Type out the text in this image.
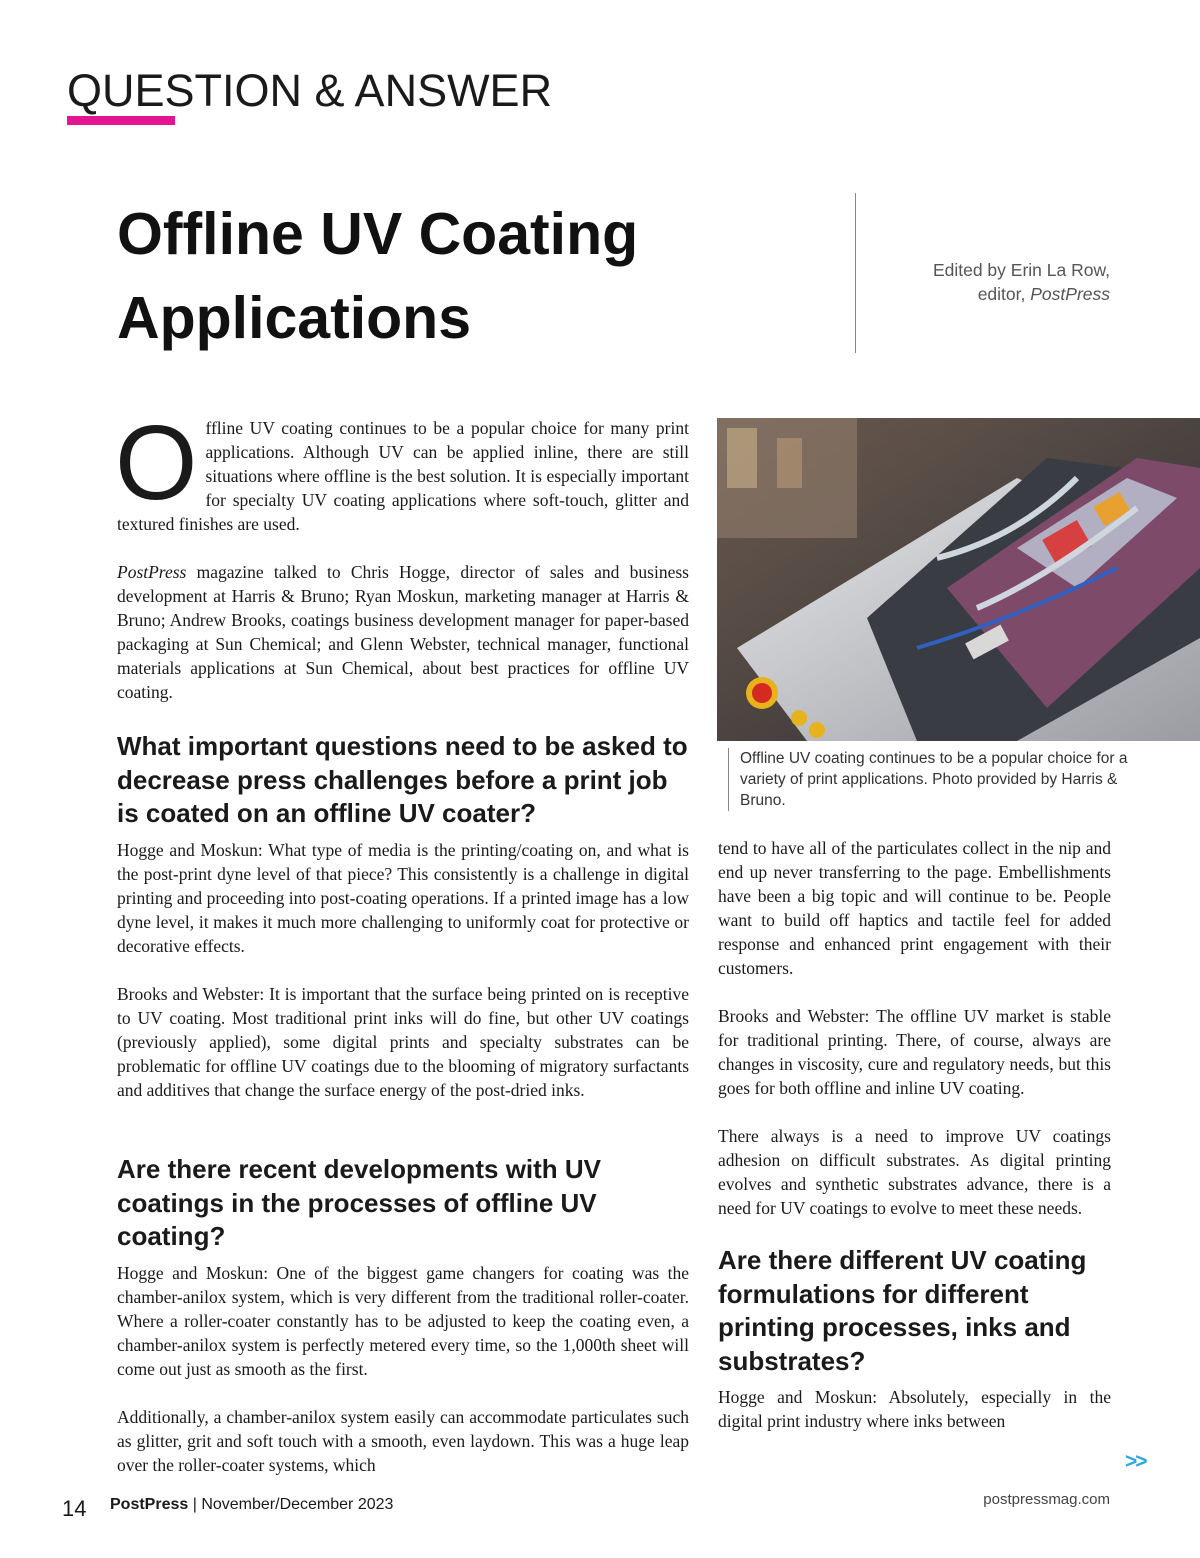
QUESTION & ANSWER
Offline UV Coating
Applications
Edited by Erin La Row,
editor, PostPress

Offline UV coating continues to be a popular choice for many print applications. Although UV can be applied inline, there are still situations where offline is the best solution. It is especially important for specialty UV coating applications where soft-touch, glitter and textured finishes are used.

PostPress magazine talked to Chris Hogge, director of sales and business development at Harris & Bruno; Ryan Moskun, marketing manager at Harris & Bruno; Andrew Brooks, coatings business development manager for paper-based packaging at Sun Chemical; and Glenn Webster, technical manager, functional materials applications at Sun Chemical, about best practices for offline UV coating.

What important questions need to be asked to decrease press challenges before a print job is coated on an offline UV coater?

Hogge and Moskun: What type of media is the printing/coating on, and what is the post-print dyne level of that piece? This consistently is a challenge in digital printing and proceeding into post-coating operations. If a printed image has a low dyne level, it makes it much more challenging to uniformly coat for protective or decorative effects.

Brooks and Webster: It is important that the surface being printed on is receptive to UV coating. Most traditional print inks will do fine, but other UV coatings (previously applied), some digital prints and specialty substrates can be problematic for offline UV coatings due to the blooming of migratory surfactants and additives that change the surface energy of the post-dried inks.

Are there recent developments with UV coatings in the processes of offline UV coating?

Hogge and Moskun: One of the biggest game changers for coating was the chamber-anilox system, which is very different from the traditional roller-coater. Where a roller-coater constantly has to be adjusted to keep the coating even, a chamber-anilox system is perfectly metered every time, so the 1,000th sheet will come out just as smooth as the first.

Additionally, a chamber-anilox system easily can accommodate particulates such as glitter, grit and soft touch with a smooth, even laydown. This was a huge leap over the roller-coater systems, which

Offline UV coating continues to be a popular choice for a variety of print applications. Photo provided by Harris & Bruno.

tend to have all of the particulates collect in the nip and end up never transferring to the page. Embellishments have been a big topic and will continue to be. People want to build off haptics and tactile feel for added response and enhanced print engagement with their customers.

Brooks and Webster: The offline UV market is stable for traditional printing. There, of course, always are changes in viscosity, cure and regulatory needs, but this goes for both offline and inline UV coating.

There always is a need to improve UV coatings adhesion on difficult substrates. As digital printing evolves and synthetic substrates advance, there is a need for UV coatings to evolve to meet these needs.

Are there different UV coating formulations for different printing processes, inks and substrates?

Hogge and Moskun: Absolutely, especially in the digital print industry where inks between

>>
14 PostPress | November/December 2023	postpressmag.com
